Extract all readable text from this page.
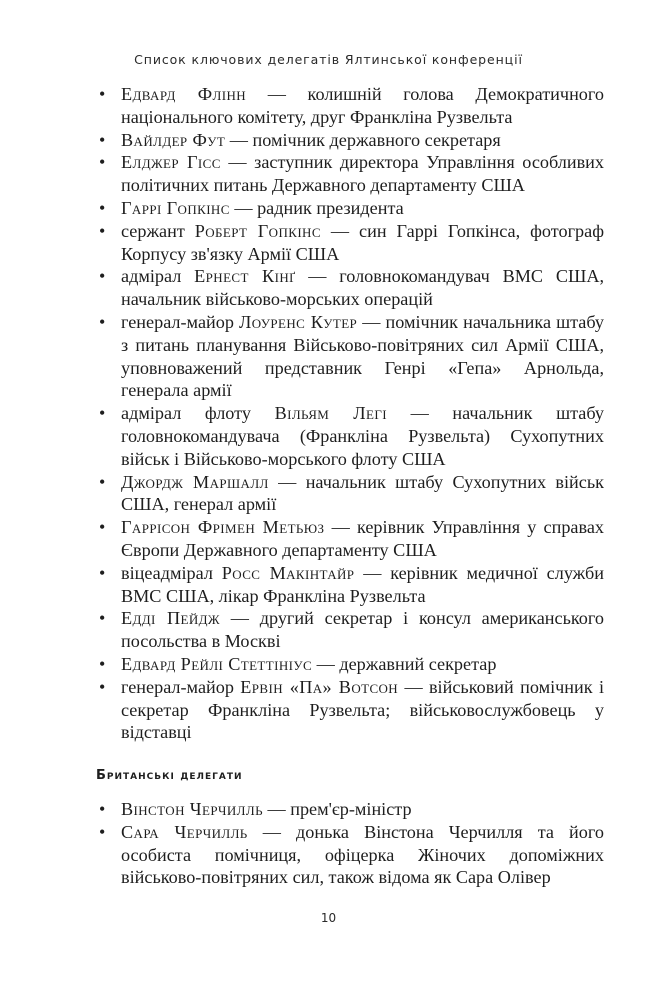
Список ключових делегатів Ялтинської конференції
• Едвард Флінн — колишній голова Демократичного національного комітету, друг Франкліна Рузвельта
• Вайлдер Фут — помічник державного секретаря
• Елджер Гісс — заступник директора Управління особливих політичних питань Державного департаменту США
• Гаррі Гопкінс — радник президента
• сержант Роберт Гопкінс — син Гаррі Гопкінса, фотограф Корпусу зв'язку Армії США
• адмірал Ернест Кінґ — головнокомандувач ВМС США, начальник військово-морських операцій
• генерал-майор Лоуренс Кутер — помічник начальника штабу з питань планування Військово-повітряних сил Армії США, уповноважений представник Генрі «Гепа» Арнольда, генерала армії
• адмірал флоту Вільям Легі — начальник штабу головнокомандувача (Франкліна Рузвельта) Сухопутних військ і Військово-морського флоту США
• Джордж Маршалл — начальник штабу Сухопутних військ США, генерал армії
• Гаррісон Фрімен Метьюз — керівник Управління у справах Європи Державного департаменту США
• віцеадмірал Росс Макінтайр — керівник медичної служби ВМС США, лікар Франкліна Рузвельта
• Едді Пейдж — другий секретар і консул американського посольства в Москві
• Едвард Рейлі Стеттініус — державний секретар
• генерал-майор Ервін «Па» Вотсон — військовий помічник і секретар Франкліна Рузвельта; військовослужбовець у відставці
Британські делегати
• Вінстон Черчилль — прем'єр-міністр
• Сара Черчилль — донька Вінстона Черчилля та його особиста помічниця, офіцерка Жіночих допоміжних військово-повітряних сил, також відома як Сара Олівер
10
